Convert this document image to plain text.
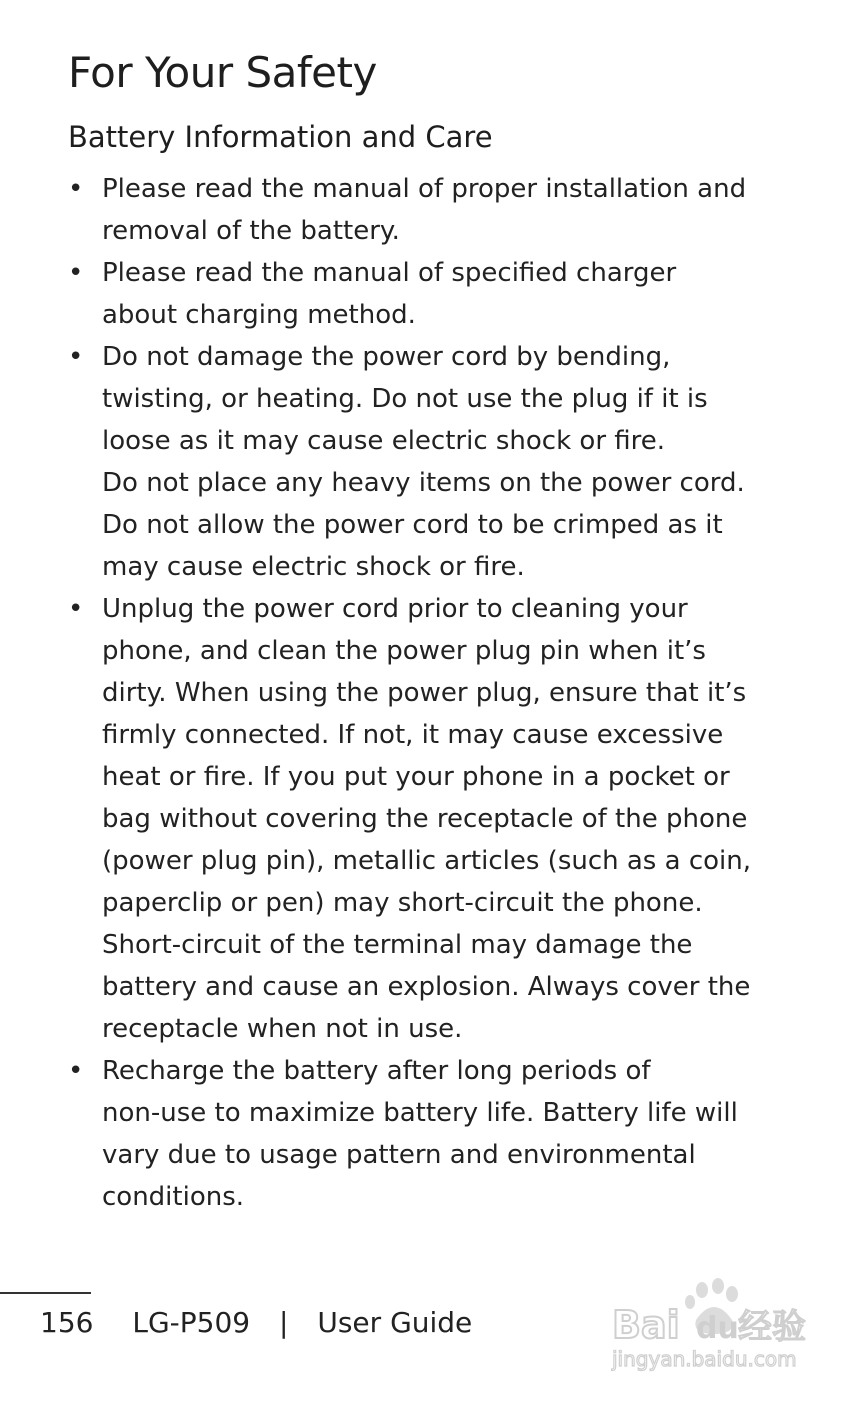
For Your Safety
Battery Information and Care
• Please read the manual of proper installation and
removal of the battery.
• Please read the manual of specified charger
about charging method.
• Do not damage the power cord by bending,
twisting, or heating. Do not use the plug if it is
loose as it may cause electric shock or fire.
Do not place any heavy items on the power cord.
Do not allow the power cord to be crimped as it
may cause electric shock or fire.
• Unplug the power cord prior to cleaning your
phone, and clean the power plug pin when it’s
dirty. When using the power plug, ensure that it’s
firmly connected. If not, it may cause excessive
heat or fire. If you put your phone in a pocket or
bag without covering the receptacle of the phone
(power plug pin), metallic articles (such as a coin,
paperclip or pen) may short-circuit the phone.
Short-circuit of the terminal may damage the
battery and cause an explosion. Always cover the
receptacle when not in use.
• Recharge the battery after long periods of
non-use to maximize battery life. Battery life will
vary due to usage pattern and environmental
conditions.
156 LG-P509 | User Guide	Bai du 经验
jingyan.baidu.com
